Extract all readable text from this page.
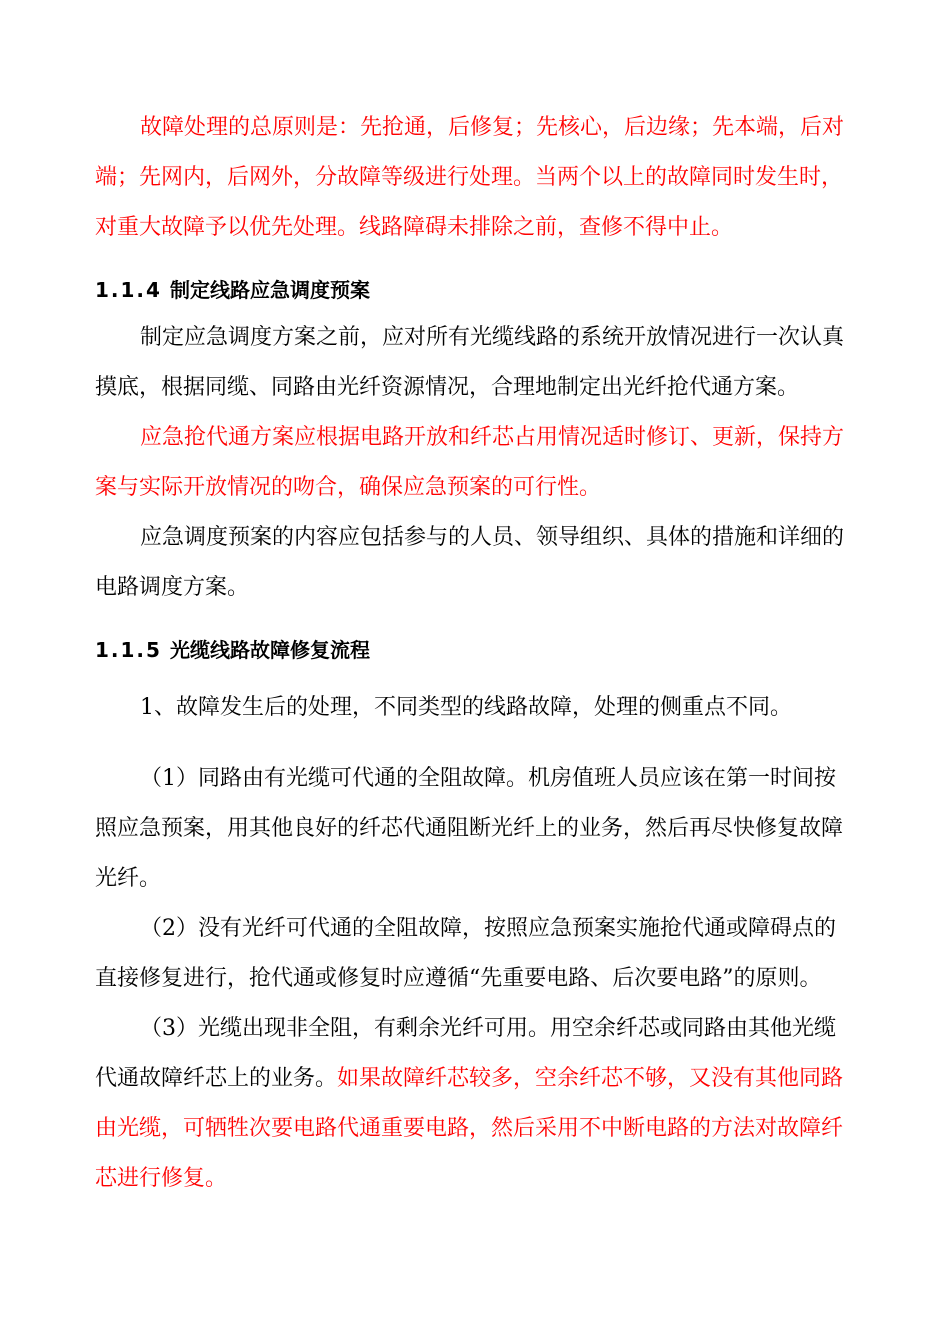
故障处理的总原则是：先抢通，后修复；先核心，后边缘；先本端，后对端；先网内，后网外，分故障等级进行处理。当两个以上的故障同时发生时，对重大故障予以优先处理。线路障碍未排除之前，查修不得中止。

1.1.4 制定线路应急调度预案

制定应急调度方案之前，应对所有光缆线路的系统开放情况进行一次认真摸底，根据同缆、同路由光纤资源情况，合理地制定出光纤抢代通方案。

应急抢代通方案应根据电路开放和纤芯占用情况适时修订、更新，保持方案与实际开放情况的吻合，确保应急预案的可行性。

应急调度预案的内容应包括参与的人员、领导组织、具体的措施和详细的电路调度方案。

1.1.5 光缆线路故障修复流程

1、故障发生后的处理，不同类型的线路故障，处理的侧重点不同。

（1）同路由有光缆可代通的全阻故障。机房值班人员应该在第一时间按照应急预案，用其他良好的纤芯代通阻断光纤上的业务，然后再尽快修复故障光纤。

（2）没有光纤可代通的全阻故障，按照应急预案实施抢代通或障碍点的直接修复进行，抢代通或修复时应遵循“先重要电路、后次要电路”的原则。

（3）光缆出现非全阻，有剩余光纤可用。用空余纤芯或同路由其他光缆代通故障纤芯上的业务。如果故障纤芯较多，空余纤芯不够，又没有其他同路由光缆，可牺牲次要电路代通重要电路，然后采用不中断电路的方法对故障纤芯进行修复。
